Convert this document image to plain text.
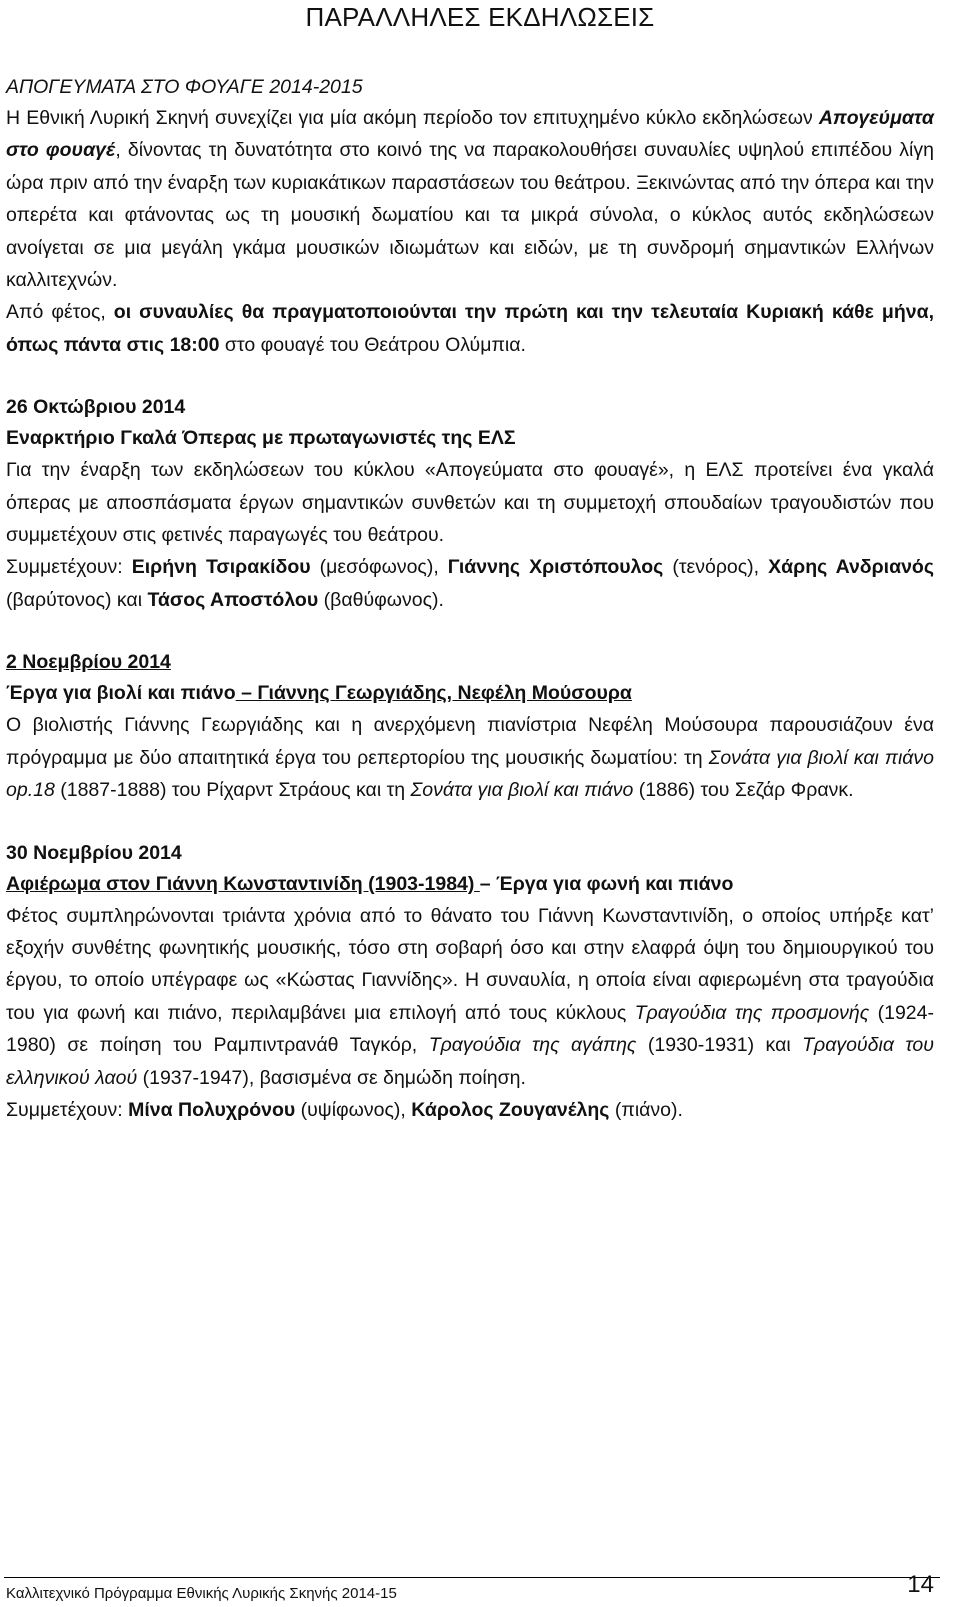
ΠΑΡΑΛΛΗΛΕΣ ΕΚΔΗΛΩΣΕΙΣ
ΑΠΟΓΕΥΜΑΤΑ ΣΤΟ ΦΟΥΑΓΕ 2014-2015

Η Εθνική Λυρική Σκηνή συνεχίζει για μία ακόμη περίοδο τον επιτυχημένο κύκλο εκδηλώσεων Απογεύματα στο φουαγέ, δίνοντας τη δυνατότητα στο κοινό της να παρακολουθήσει συναυλίες υψηλού επιπέδου λίγη ώρα πριν από την έναρξη των κυριακάτικων παραστάσεων του θεάτρου. Ξεκινώντας από την όπερα και την οπερέτα και φτάνοντας ως τη μουσική δωματίου και τα μικρά σύνολα, ο κύκλος αυτός εκδηλώσεων ανοίγεται σε μια μεγάλη γκάμα μουσικών ιδιωμάτων και ειδών, με τη συνδρομή σημαντικών Ελλήνων καλλιτεχνών.

Από φέτος, οι συναυλίες θα πραγματοποιούνται την πρώτη και την τελευταία Κυριακή κάθε μήνα, όπως πάντα στις 18:00 στο φουαγέ του Θεάτρου Ολύμπια.

26 Οκτώβριου 2014
Εναρκτήριο Γκαλά Όπερας με πρωταγωνιστές της ΕΛΣ

Για την έναρξη των εκδηλώσεων του κύκλου «Απογεύματα στο φουαγέ», η ΕΛΣ προτείνει ένα γκαλά όπερας με αποσπάσματα έργων σημαντικών συνθετών και τη συμμετοχή σπουδαίων τραγουδιστών που συμμετέχουν στις φετινές παραγωγές του θεάτρου.

Συμμετέχουν: Ειρήνη Τσιρακίδου (μεσόφωνος), Γιάννης Χριστόπουλος (τενόρος), Χάρης Ανδριανός (βαρύτονος) και Τάσος Αποστόλου (βαθύφωνος).

2 Νοεμβρίου 2014
Έργα για βιολί και πιάνο – Γιάννης Γεωργιάδης, Νεφέλη Μούσουρα

Ο βιολιστής Γιάννης Γεωργιάδης και η ανερχόμενη πιανίστρια Νεφέλη Μούσουρα παρουσιάζουν ένα πρόγραμμα με δύο απαιτητικά έργα του ρεπερτορίου της μουσικής δωματίου: τη Σονάτα για βιολί και πιάνο op.18 (1887-1888) του Ρίχαρντ Στράους και τη Σονάτα για βιολί και πιάνο (1886) του Σεζάρ Φρανκ.

30 Νοεμβρίου 2014
Αφιέρωμα στον Γιάννη Κωνσταντινίδη (1903-1984) – Έργα για φωνή και πιάνο

Φέτος συμπληρώνονται τριάντα χρόνια από το θάνατο του Γιάννη Κωνσταντινίδη, ο οποίος υπήρξε κατ’ εξοχήν συνθέτης φωνητικής μουσικής, τόσο στη σοβαρή όσο και στην ελαφρά όψη του δημιουργικού του έργου, το οποίο υπέγραφε ως «Κώστας Γιαννίδης». Η συναυλία, η οποία είναι αφιερωμένη στα τραγούδια του για φωνή και πιάνο, περιλαμβάνει μια επιλογή από τους κύκλους Τραγούδια της προσμονής (1924-1980) σε ποίηση του Ραμπιντρανάθ Ταγκόρ, Τραγούδια της αγάπης (1930-1931) και Τραγούδια του ελληνικού λαού (1937-1947), βασισμένα σε δημώδη ποίηση.

Συμμετέχουν: Μίνα Πολυχρόνου (υψίφωνος), Κάρολος Ζουγανέλης (πιάνο).

Καλλιτεχνικό Πρόγραμμα Εθνικής Λυρικής Σκηνής 2014-15	14
